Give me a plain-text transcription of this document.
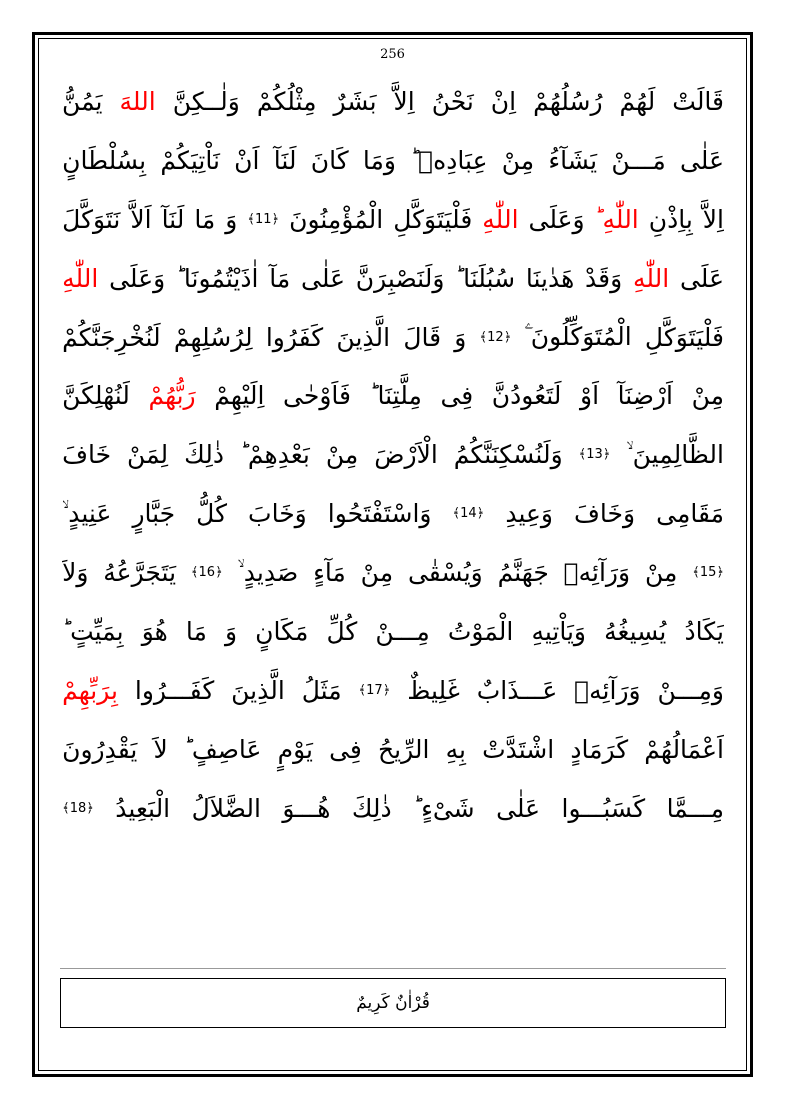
256
قَالَتْ
لَهُمْ
رُسُلُهُمْ
اِنْ
نَحْنُ
اِلاَّ
بَشَرٌ
مِثْلُكُمْ
وَلٰــكِنَّ
اللهَ
يَمُنُّ
عَلٰى
مَـــنْ
يَشَآءُ
مِنْ
عِبَادِهٖ ؕ
وَمَا
كَانَ
لَنَآ
اَنْ
نَاْتِيَكُمْ
بِسُلْطَانٍ
اِلاَّ
بِاِذْنِ
اللّٰهِ ؕ
وَعَلَى
اللّٰهِ
فَلْيَتَوَكَّلِ
الْمُؤْمِنُونَ
﴿11﴾
وَ
مَا
لَنَآ
اَلاَّ
نَتَوَكَّلَ
عَلَى
اللّٰهِ
وَقَدْ
هَدٰينَا
سُبُلَنَا ؕ
وَلَنَصْبِرَنَّ
عَلٰى
مَآ
اٰذَيْتُمُونَا ؕ
وَعَلَى
اللّٰهِ
فَلْيَتَوَكَّلِ
الْمُتَوَكِّلُونَ ۧ
﴿12﴾
وَ
قَالَ
الَّذِينَ
كَفَرُوا
لِرُسُلِهِمْ
لَنُخْرِجَنَّكُمْ
مِنْ
اَرْضِنَآ
اَوْ
لَتَعُودُنَّ
فِى
مِلَّتِنَا ؕ
فَاَوْحٰى
اِلَيْهِمْ
رَبُّهُمْ
لَنُهْلِكَنَّ
الظَّالِمِينَ ۙ
﴿13﴾
وَلَنُسْكِنَنَّكُمُ
الْاَرْضَ
مِنْ
بَعْدِهِمْ ؕ
ذٰلِكَ
لِمَنْ
خَافَ
مَقَامِى
وَخَافَ
وَعِيدِ
﴿14﴾
وَاسْتَفْتَحُوا
وَخَابَ
كُلُّ
جَبَّارٍ
عَنِيدٍ ۙ
﴿15﴾
مِنْ
وَرَآئِهٖ
جَهَنَّمُ
وَيُسْقٰى
مِنْ
مَآءٍ
صَدِيدٍ ۙ
﴿16﴾
يَتَجَرَّعُهُ
وَلاَ
يَكَادُ
يُسِيغُهُ
وَيَاْتِيهِ
الْمَوْتُ
مِـــنْ
كُلِّ
مَكَانٍ
وَ
مَا
هُوَ
بِمَيِّتٍ ؕ
وَمِـــنْ
وَرَآئِهٖ
عَـــذَابٌ
غَلِيظٌ
﴿17﴾
مَثَلُ
الَّذِينَ
كَفَـــرُوا
بِرَبِّهِمْ
اَعْمَالُهُمْ
كَرَمَادٍ
اشْتَدَّتْ
بِهِ
الرِّيحُ
فِى
يَوْمٍ
عَاصِفٍ ؕ
لاَ
يَقْدِرُونَ
مِـــمَّا
كَسَبُـــوا
عَلٰى
شَیْءٍ ؕ
ذٰلِكَ
هُـــوَ
الضَّلاَلُ
الْبَعِيدُ
﴿18﴾
قُرْاٰنٌ كَرِيمٌ
